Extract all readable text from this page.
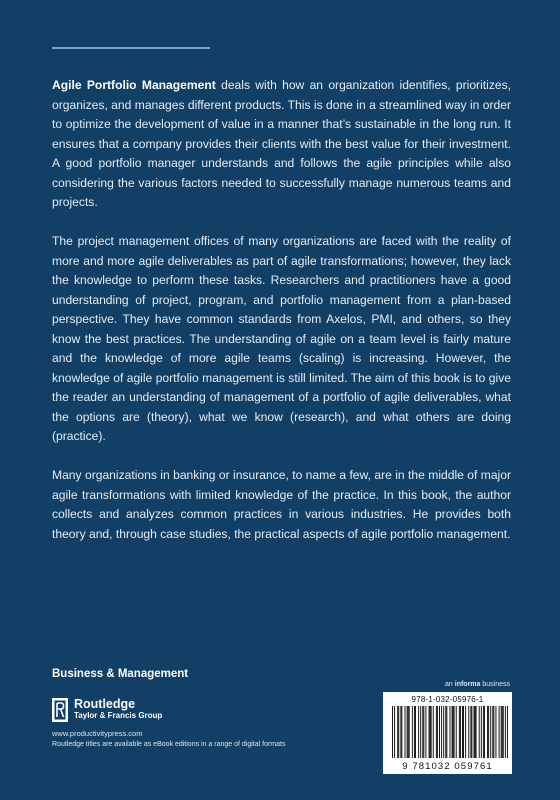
Agile Portfolio Management deals with how an organization identifies, prioritizes, organizes, and manages different products. This is done in a streamlined way in order to optimize the development of value in a manner that’s sustainable in the long run. It ensures that a company provides their clients with the best value for their investment. A good portfolio manager understands and follows the agile principles while also considering the various factors needed to successfully manage numerous teams and projects.

The project management offices of many organizations are faced with the reality of more and more agile deliverables as part of agile transformations; however, they lack the knowledge to perform these tasks. Researchers and practitioners have a good understanding of project, program, and portfolio management from a plan-based perspective. They have common standards from Axelos, PMI, and others, so they know the best practices. The understanding of agile on a team level is fairly mature and the knowledge of more agile teams (scaling) is increasing. However, the knowledge of agile portfolio management is still limited. The aim of this book is to give the reader an understanding of management of a portfolio of agile deliverables, what the options are (theory), what we know (research), and what others are doing (practice).

Many organizations in banking or insurance, to name a few, are in the middle of major agile transformations with limited knowledge of the practice. In this book, the author collects and analyzes common practices in various industries. He provides both theory and, through case studies, the practical aspects of agile portfolio management.

Business & Management
an informa business
Routledge
Taylor & Francis Group
www.productivitypress.com
Routledge titles are available as eBook editions in a range of digital formats
978-1-032-05976-1
9 781032 059761
